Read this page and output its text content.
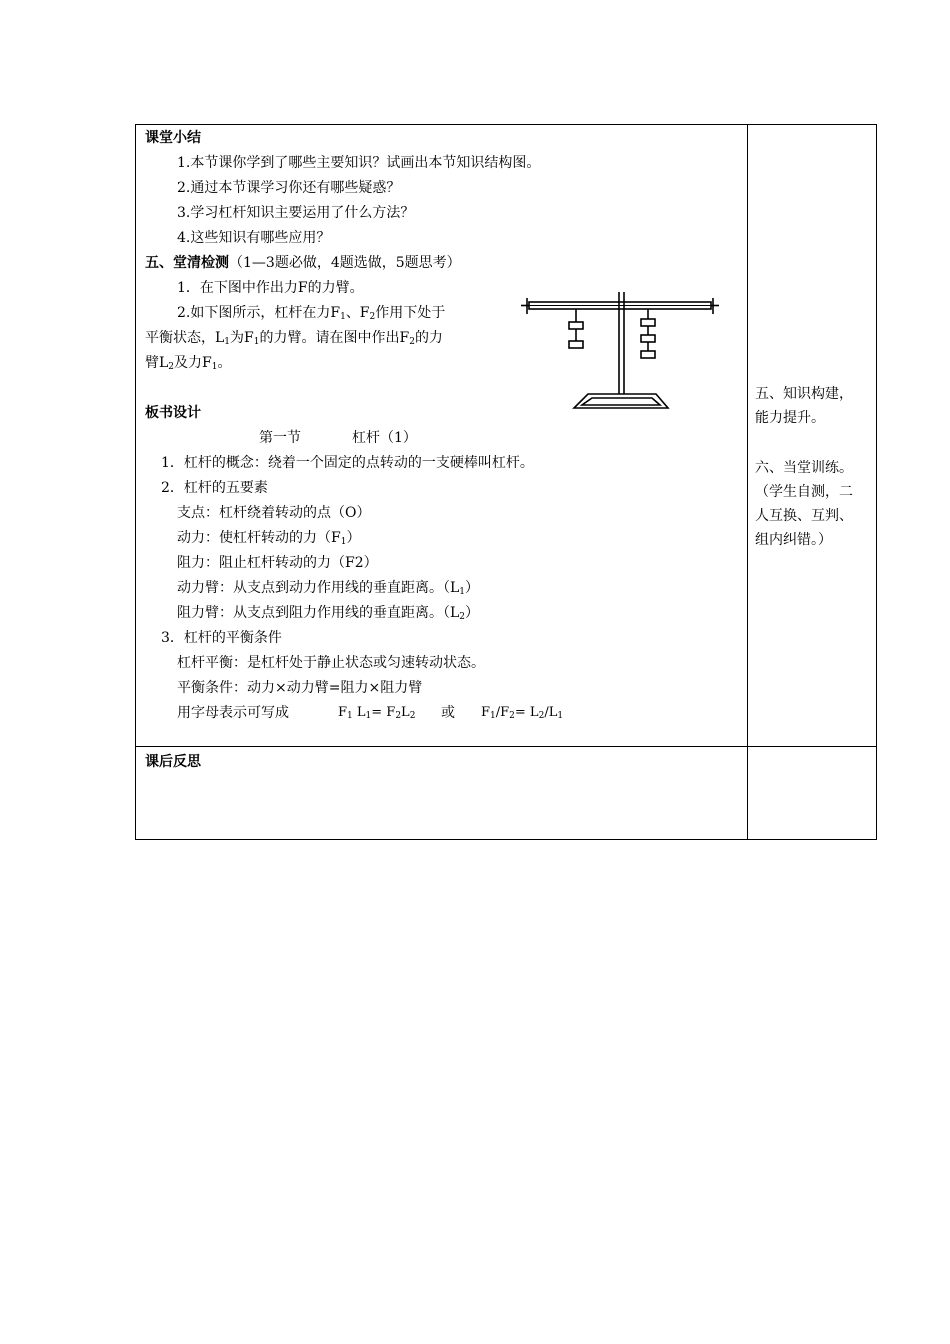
课堂小结
1.本节课你学到了哪些主要知识？试画出本节知识结构图。
2.通过本节课学习你还有哪些疑惑？
3.学习杠杆知识主要运用了什么方法？
4.这些知识有哪些应用？
五、堂清检测（1—3题必做，4题选做，5题思考）
1．在下图中作出力F的力臂。
2.如下图所示，杠杆在力$F_1$、$F_2$作用下处于
平衡状态，$L_1$为$F_1$的力臂。请在图中作出$F_2$的力
臂$L_2$及力$F_1$。
板书设计
第一节	杠杆（1）
1．杠杆的概念：绕着一个固定的点转动的一支硬棒叫杠杆。
2．杠杆的五要素
支点：杠杆绕着转动的点（O）
动力：使杠杆转动的力$(F_1)$
阻力：阻止杠杆转动的力（F2）
动力臂：从支点到动力作用线的垂直距离。$(L_1)$
阻力臂：从支点到阻力作用线的垂直距离。$(L_2)$
3．杠杆的平衡条件
杠杆平衡：是杠杆处于静止状态或匀速转动状态。
平衡条件：动力×动力臂=阻力×阻力臂
用字母表示可写成	$F_1$ $L_1= F_2L_2$ 或 $F_1/F_2= L_2/L_1$
课后反思
五、知识构建，
能力提升。
六、当堂训练。
（学生自测，二
人互换、互判、
组内纠错。）
